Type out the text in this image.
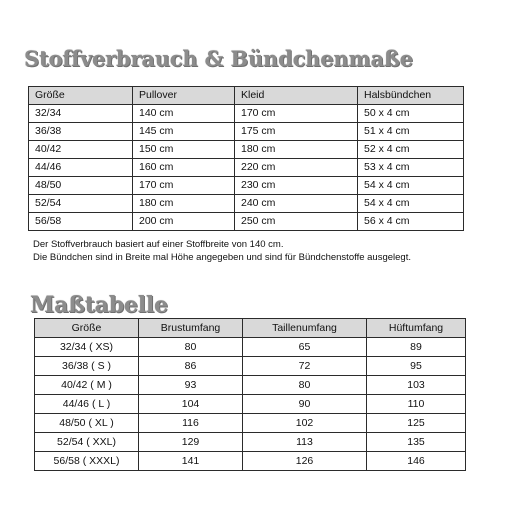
Stoffverbrauch & Bündchenmaße
Größe	Pullover	Kleid	Halsbündchen
32/34	140 cm	170 cm	50 x 4 cm
36/38	145 cm	175 cm	51 x 4 cm
40/42	150 cm	180 cm	52 x 4 cm
44/46	160 cm	220 cm	53 x 4 cm
48/50	170 cm	230 cm	54 x 4 cm
52/54	180 cm	240 cm	54 x 4 cm
56/58	200 cm	250 cm	56 x 4 cm

Der Stoffverbrauch basiert auf einer Stoffbreite von 140 cm.

Die Bündchen sind in Breite mal Höhe angegeben und sind für Bündchenstoffe ausgelegt.

Maßtabelle
Größe	Brustumfang	Taillenumfang	Hüftumfang
32/34 ( XS)	80	65	89
36/38 ( S )	86	72	95
40/42 ( M )	93	80	103
44/46 ( L )	104	90	110
48/50 ( XL )	116	102	125
52/54 ( XXL)	129	113	135
56/58 ( XXXL)	141	126	146
